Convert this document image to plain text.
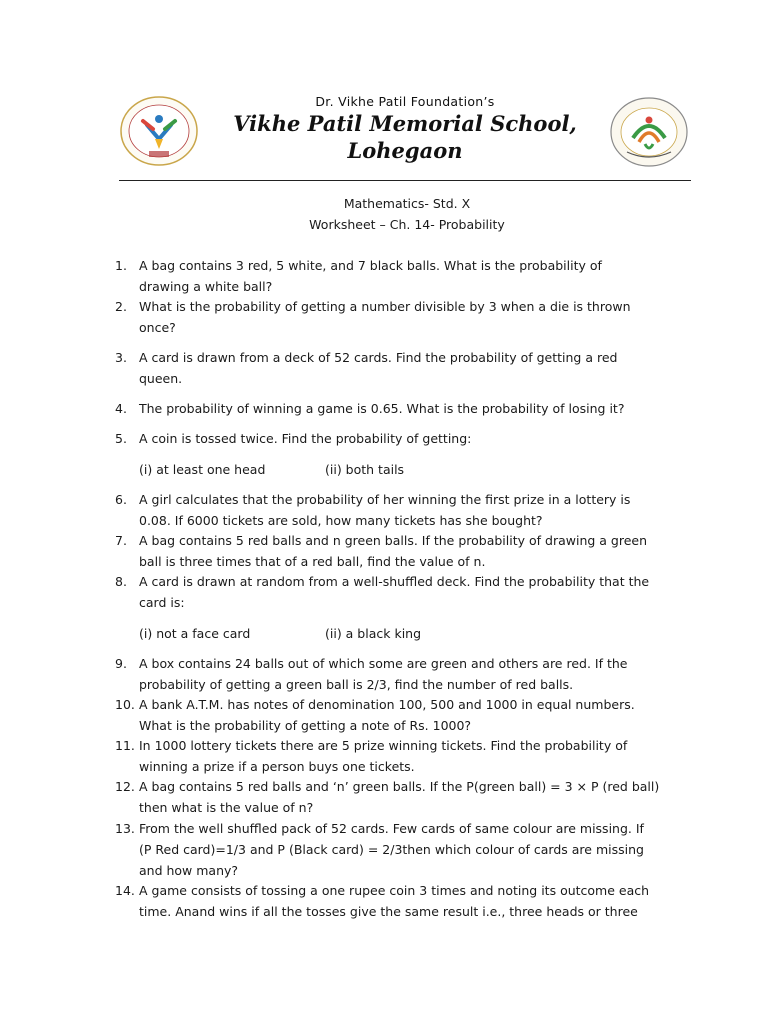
Dr. Vikhe Patil Foundation’s
Vikhe Patil Memorial School,
Lohegaon
Mathematics- Std. X
Worksheet – Ch. 14- Probability
1. A bag contains 3 red, 5 white, and 7 black balls. What is the probability of
drawing a white ball?
2. What is the probability of getting a number divisible by 3 when a die is thrown
once?
3. A card is drawn from a deck of 52 cards. Find the probability of getting a red
queen.
4. The probability of winning a game is 0.65. What is the probability of losing it?
5. A coin is tossed twice. Find the probability of getting:
(i) at least one head	(ii) both tails
6. A girl calculates that the probability of her winning the first prize in a lottery is
0.08. If 6000 tickets are sold, how many tickets has she bought?
7. A bag contains 5 red balls and n green balls. If the probability of drawing a green
ball is three times that of a red ball, find the value of n.
8. A card is drawn at random from a well-shuffled deck. Find the probability that the
card is:
(i) not a face card	(ii) a black king
9. A box contains 24 balls out of which some are green and others are red. If the
probability of getting a green ball is 2/3, find the number of red balls.
10. A bank A.T.M. has notes of denomination 100, 500 and 1000 in equal numbers.
What is the probability of getting a note of Rs. 1000?
11. In 1000 lottery tickets there are 5 prize winning tickets. Find the probability of
winning a prize if a person buys one tickets.
12. A bag contains 5 red balls and ‘n’ green balls. If the P(green ball) = 3 × P (red ball)
then what is the value of n?
13. From the well shuffled pack of 52 cards. Few cards of same colour are missing. If
(P Red card)=1/3 and P (Black card) = 2/3then which colour of cards are missing
and how many?
14. A game consists of tossing a one rupee coin 3 times and noting its outcome each
time. Anand wins if all the tosses give the same result i.e., three heads or three
